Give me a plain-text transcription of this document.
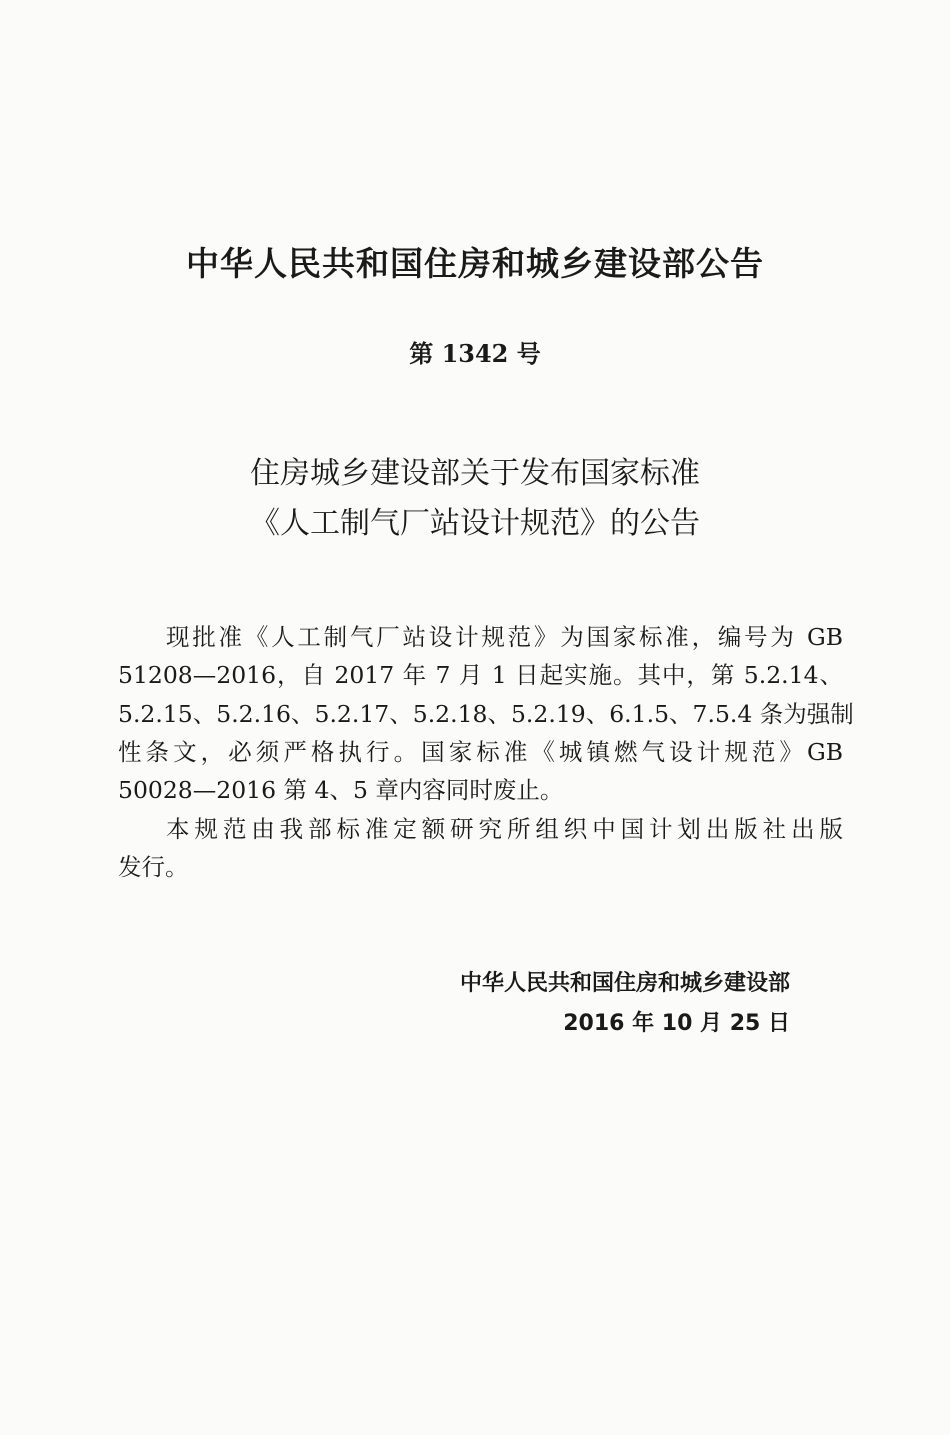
中华人民共和国住房和城乡建设部公告
第 1342 号
住房城乡建设部关于发布国家标准
《人工制气厂站设计规范》的公告
现批准《人工制气厂站设计规范》为国家标准，编号为 GB
51208—2016，自 2017 年 7 月 1 日起实施。其中，第 5.2.14、
5.2.15、5.2.16、5.2.17、5.2.18、5.2.19、6.1.5、7.5.4 条为强制
性条文，必须严格执行。国家标准《城镇燃气设计规范》GB
50028—2016 第 4、5 章内容同时废止。
本规范由我部标准定额研究所组织中国计划出版社出版
发行。
中华人民共和国住房和城乡建设部
2016 年 10 月 25 日
